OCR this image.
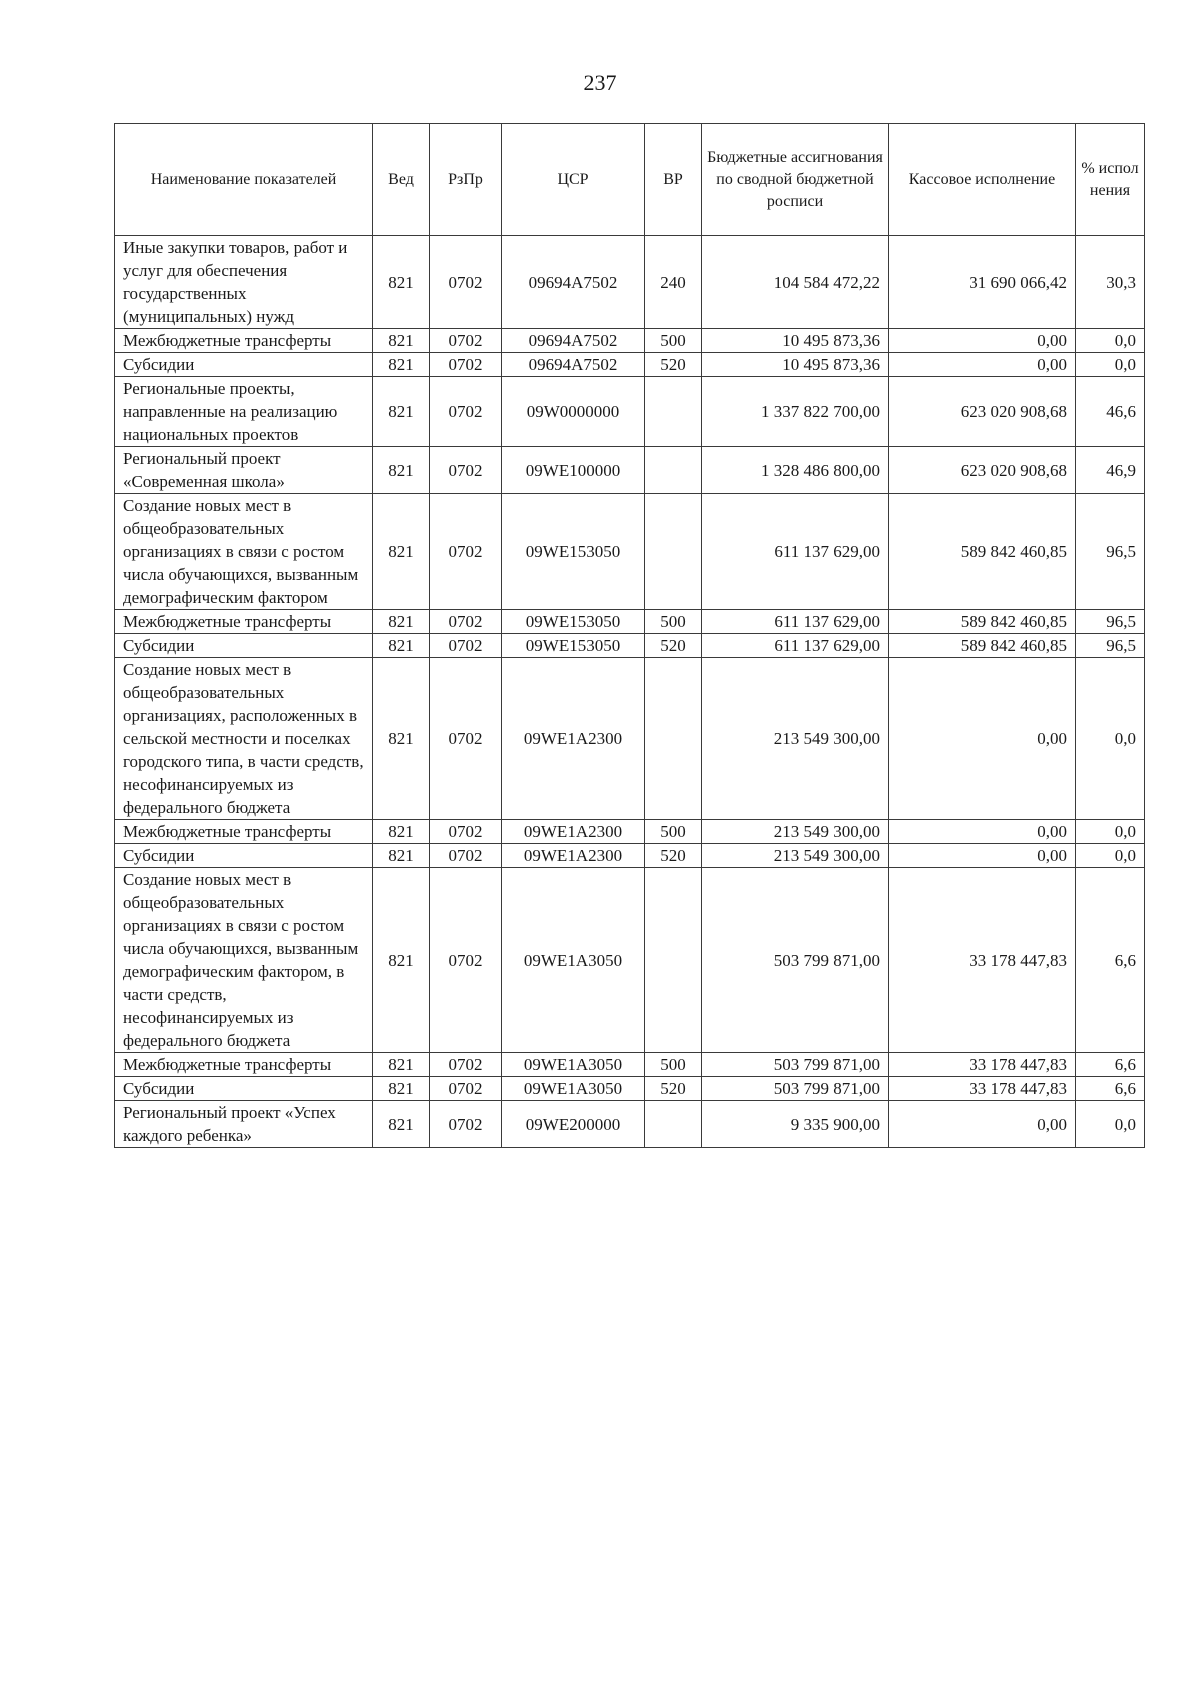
237
Наименование показателей	Вед	РзПр	ЦСР	ВР	Бюджетные ассигнования по сводной бюджетной росписи	Кассовое исполнение	% испол нения
Иные закупки товаров, работ и услуг для обеспечения государственных (муниципальных) нужд	821	0702	09694A7502	240	104 584 472,22	31 690 066,42	30,3
Межбюджетные трансферты	821	0702	09694A7502	500	10 495 873,36	0,00	0,0
Субсидии	821	0702	09694A7502	520	10 495 873,36	0,00	0,0
Региональные проекты, направленные на реализацию национальных проектов	821	0702	09W0000000		1 337 822 700,00	623 020 908,68	46,6
Региональный проект «Современная школа»	821	0702	09WE100000		1 328 486 800,00	623 020 908,68	46,9
Создание новых мест в общеобразовательных организациях в связи с ростом числа обучающихся, вызванным демографическим фактором	821	0702	09WE153050		611 137 629,00	589 842 460,85	96,5
Межбюджетные трансферты	821	0702	09WE153050	500	611 137 629,00	589 842 460,85	96,5
Субсидии	821	0702	09WE153050	520	611 137 629,00	589 842 460,85	96,5
Создание новых мест в общеобразовательных организациях, расположенных в сельской местности и поселках городского типа, в части средств, несофинансируемых из федерального бюджета	821	0702	09WE1A2300		213 549 300,00	0,00	0,0
Межбюджетные трансферты	821	0702	09WE1A2300	500	213 549 300,00	0,00	0,0
Субсидии	821	0702	09WE1A2300	520	213 549 300,00	0,00	0,0
Создание новых мест в общеобразовательных организациях в связи с ростом числа обучающихся, вызванным демографическим фактором, в части средств, несофинансируемых из федерального бюджета	821	0702	09WE1A3050		503 799 871,00	33 178 447,83	6,6
Межбюджетные трансферты	821	0702	09WE1A3050	500	503 799 871,00	33 178 447,83	6,6
Субсидии	821	0702	09WE1A3050	520	503 799 871,00	33 178 447,83	6,6
Региональный проект «Успех каждого ребенка»	821	0702	09WE200000		9 335 900,00	0,00	0,0
